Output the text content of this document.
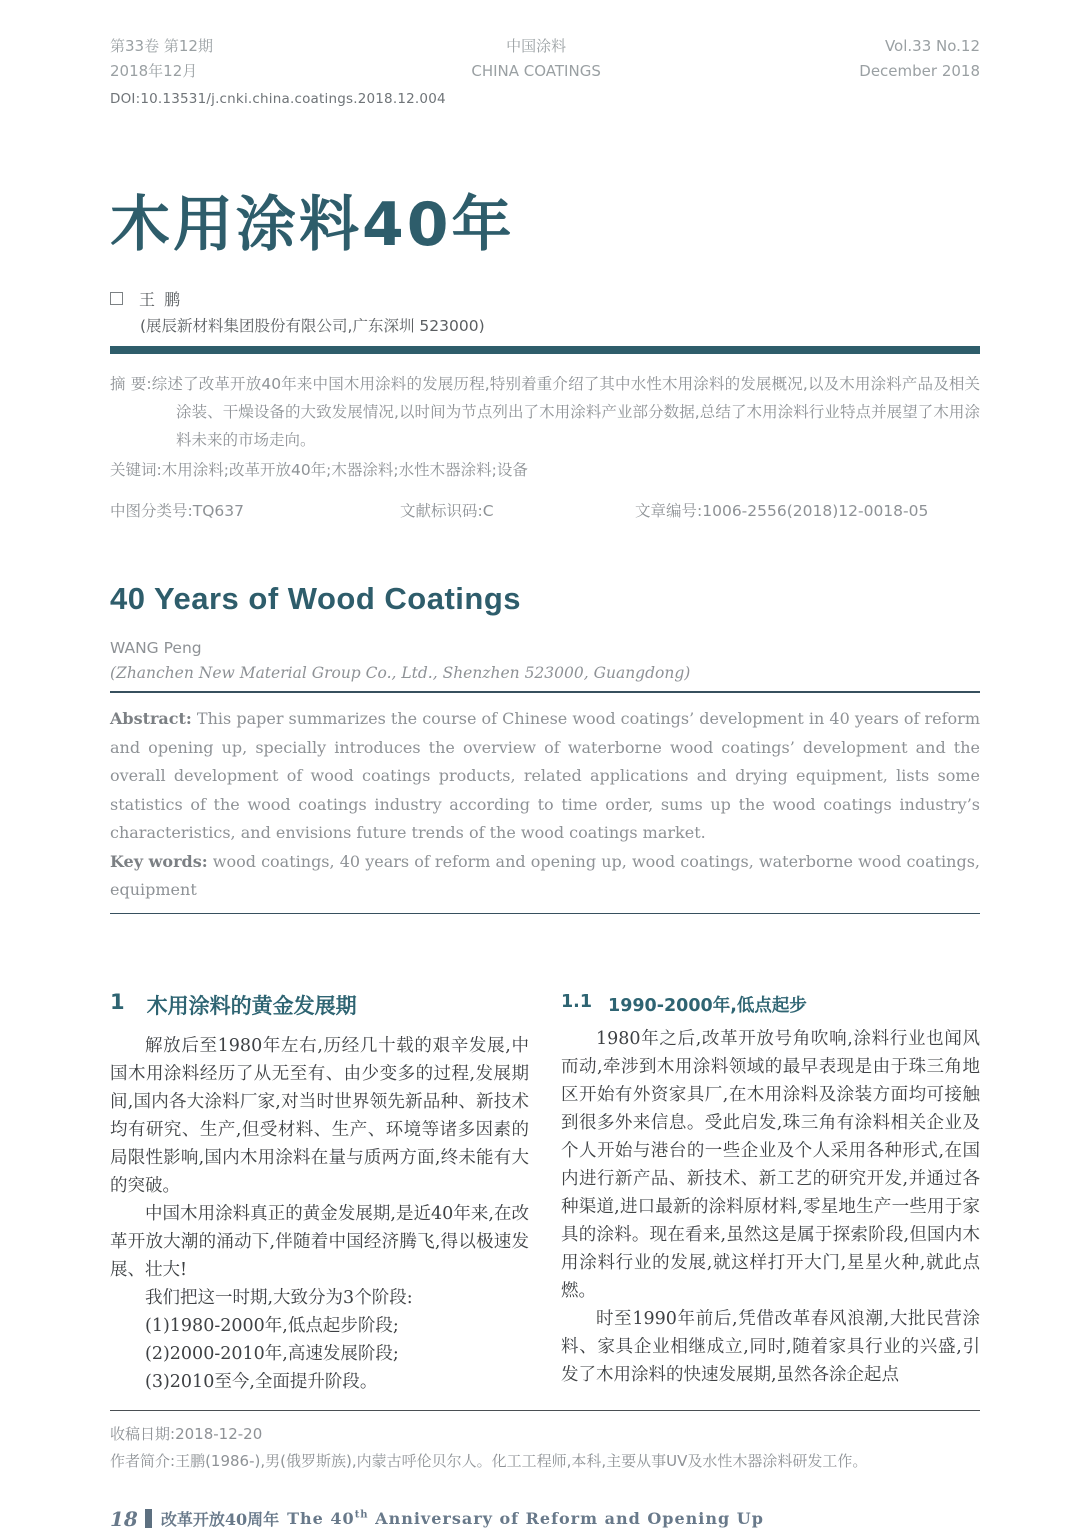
第33卷 第12期
2018年12月
中国涂料
CHINA COATINGS
Vol.33 No.12
December 2018
DOI:10.13531/j.cnki.china.coatings.2018.12.004
木用涂料40年
王 鹏
(展辰新材料集团股份有限公司,广东深圳 523000)
摘 要:综述了改革开放40年来中国木用涂料的发展历程,特别着重介绍了其中水性木用涂料的发展概况,以及木用涂料产品及相关涂装、干燥设备的大致发展情况,以时间为节点列出了木用涂料产业部分数据,总结了木用涂料行业特点并展望了木用涂料未来的市场走向。
关键词:木用涂料;改革开放40年;木器涂料;水性木器涂料;设备
中图分类号:TQ637	文献标识码:C	文章编号:1006-2556(2018)12-0018-05
40 Years of Wood Coatings
WANG Peng
(Zhanchen New Material Group Co., Ltd., Shenzhen 523000, Guangdong)
Abstract: This paper summarizes the course of Chinese wood coatings’ development in 40 years of reform and opening up, specially introduces the overview of waterborne wood coatings’ development and the overall development of wood coatings products, related applications and drying equipment, lists some statistics of the wood coatings industry according to time order, sums up the wood coatings industry’s characteristics, and envisions future trends of the wood coatings market.
Key words: wood coatings, 40 years of reform and opening up, wood coatings, waterborne wood coatings, equipment
1 木用涂料的黄金发展期

解放后至1980年左右,历经几十载的艰辛发展,中国木用涂料经历了从无至有、由少变多的过程,发展期间,国内各大涂料厂家,对当时世界领先新品种、新技术均有研究、生产,但受材料、生产、环境等诸多因素的局限性影响,国内木用涂料在量与质两方面,终未能有大的突破。

中国木用涂料真正的黄金发展期,是近40年来,在改革开放大潮的涌动下,伴随着中国经济腾飞,得以极速发展、壮大!

我们把这一时期,大致分为3个阶段:

(1)1980-2000年,低点起步阶段;

(2)2000-2010年,高速发展阶段;

(3)2010至今,全面提升阶段。

1.1 1990-2000年,低点起步

1980年之后,改革开放号角吹响,涂料行业也闻风而动,牵涉到木用涂料领域的最早表现是由于珠三角地区开始有外资家具厂,在木用涂料及涂装方面均可接触到很多外来信息。受此启发,珠三角有涂料相关企业及个人开始与港台的一些企业及个人采用各种形式,在国内进行新产品、新技术、新工艺的研究开发,并通过各种渠道,进口最新的涂料原材料,零星地生产一些用于家具的涂料。现在看来,虽然这是属于探索阶段,但国内木用涂料行业的发展,就这样打开大门,星星火种,就此点燃。

时至1990年前后,凭借改革春风浪潮,大批民营涂料、家具企业相继成立,同时,随着家具行业的兴盛,引发了木用涂料的快速发展期,虽然各涂企起点

收稿日期:2018-12-20
作者简介:王鹏(1986-),男(俄罗斯族),内蒙古呼伦贝尔人。化工工程师,本科,主要从事UV及水性木器涂料研发工作。
18 改革开放40周年 The 40th Anniversary of Reform and Opening Up
